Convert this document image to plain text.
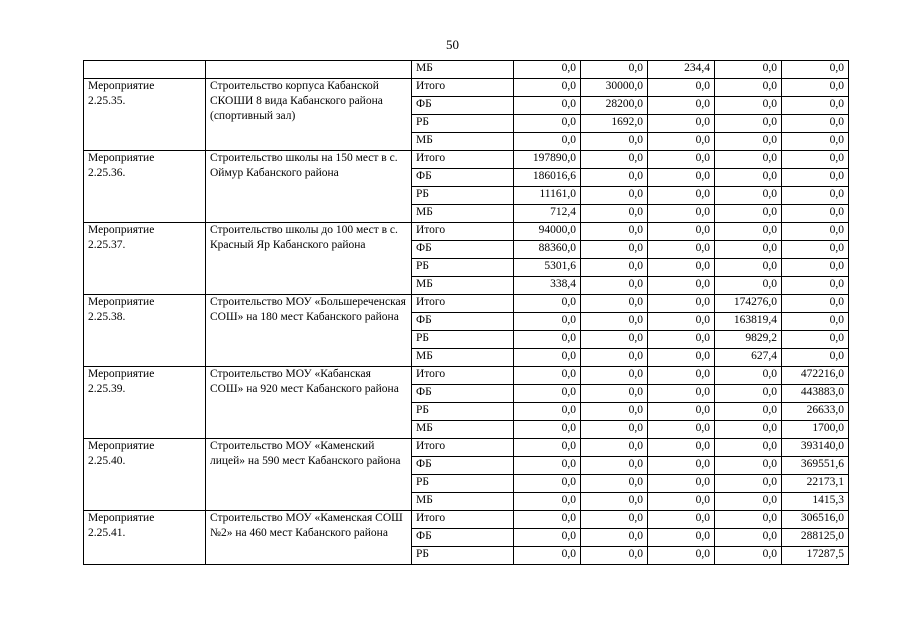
50
		МБ	0,0	0,0	234,4	0,0	0,0
Мероприятие
2.25.35.	Строительство корпуса Кабанской СКОШИ 8 вида Кабанского района (спортивный зал)	Итого	0,0	30000,0	0,0	0,0	0,0
		ФБ	0,0	28200,0	0,0	0,0	0,0
		РБ	0,0	1692,0	0,0	0,0	0,0
		МБ	0,0	0,0	0,0	0,0	0,0
Мероприятие
2.25.36.	Строительство школы на 150 мест в с. Оймур Кабанского района	Итого	197890,0	0,0	0,0	0,0	0,0
		ФБ	186016,6	0,0	0,0	0,0	0,0
		РБ	11161,0	0,0	0,0	0,0	0,0
		МБ	712,4	0,0	0,0	0,0	0,0
Мероприятие
2.25.37.	Строительство школы до 100 мест в с. Красный Яр Кабанского района	Итого	94000,0	0,0	0,0	0,0	0,0
		ФБ	88360,0	0,0	0,0	0,0	0,0
		РБ	5301,6	0,0	0,0	0,0	0,0
		МБ	338,4	0,0	0,0	0,0	0,0
Мероприятие
2.25.38.	Строительство МОУ «Большереченская СОШ» на 180 мест Кабанского района	Итого	0,0	0,0	0,0	174276,0	0,0
		ФБ	0,0	0,0	0,0	163819,4	0,0
		РБ	0,0	0,0	0,0	9829,2	0,0
		МБ	0,0	0,0	0,0	627,4	0,0
Мероприятие
2.25.39.	Строительство МОУ «Кабанская СОШ» на 920 мест Кабанского района	Итого	0,0	0,0	0,0	0,0	472216,0
		ФБ	0,0	0,0	0,0	0,0	443883,0
		РБ	0,0	0,0	0,0	0,0	26633,0
		МБ	0,0	0,0	0,0	0,0	1700,0
Мероприятие
2.25.40.	Строительство МОУ «Каменский лицей» на 590 мест Кабанского района	Итого	0,0	0,0	0,0	0,0	393140,0
		ФБ	0,0	0,0	0,0	0,0	369551,6
		РБ	0,0	0,0	0,0	0,0	22173,1
		МБ	0,0	0,0	0,0	0,0	1415,3
Мероприятие
2.25.41.	Строительство МОУ «Каменская СОШ №2» на 460 мест Кабанского района	Итого	0,0	0,0	0,0	0,0	306516,0
		ФБ	0,0	0,0	0,0	0,0	288125,0
		РБ	0,0	0,0	0,0	0,0	17287,5
